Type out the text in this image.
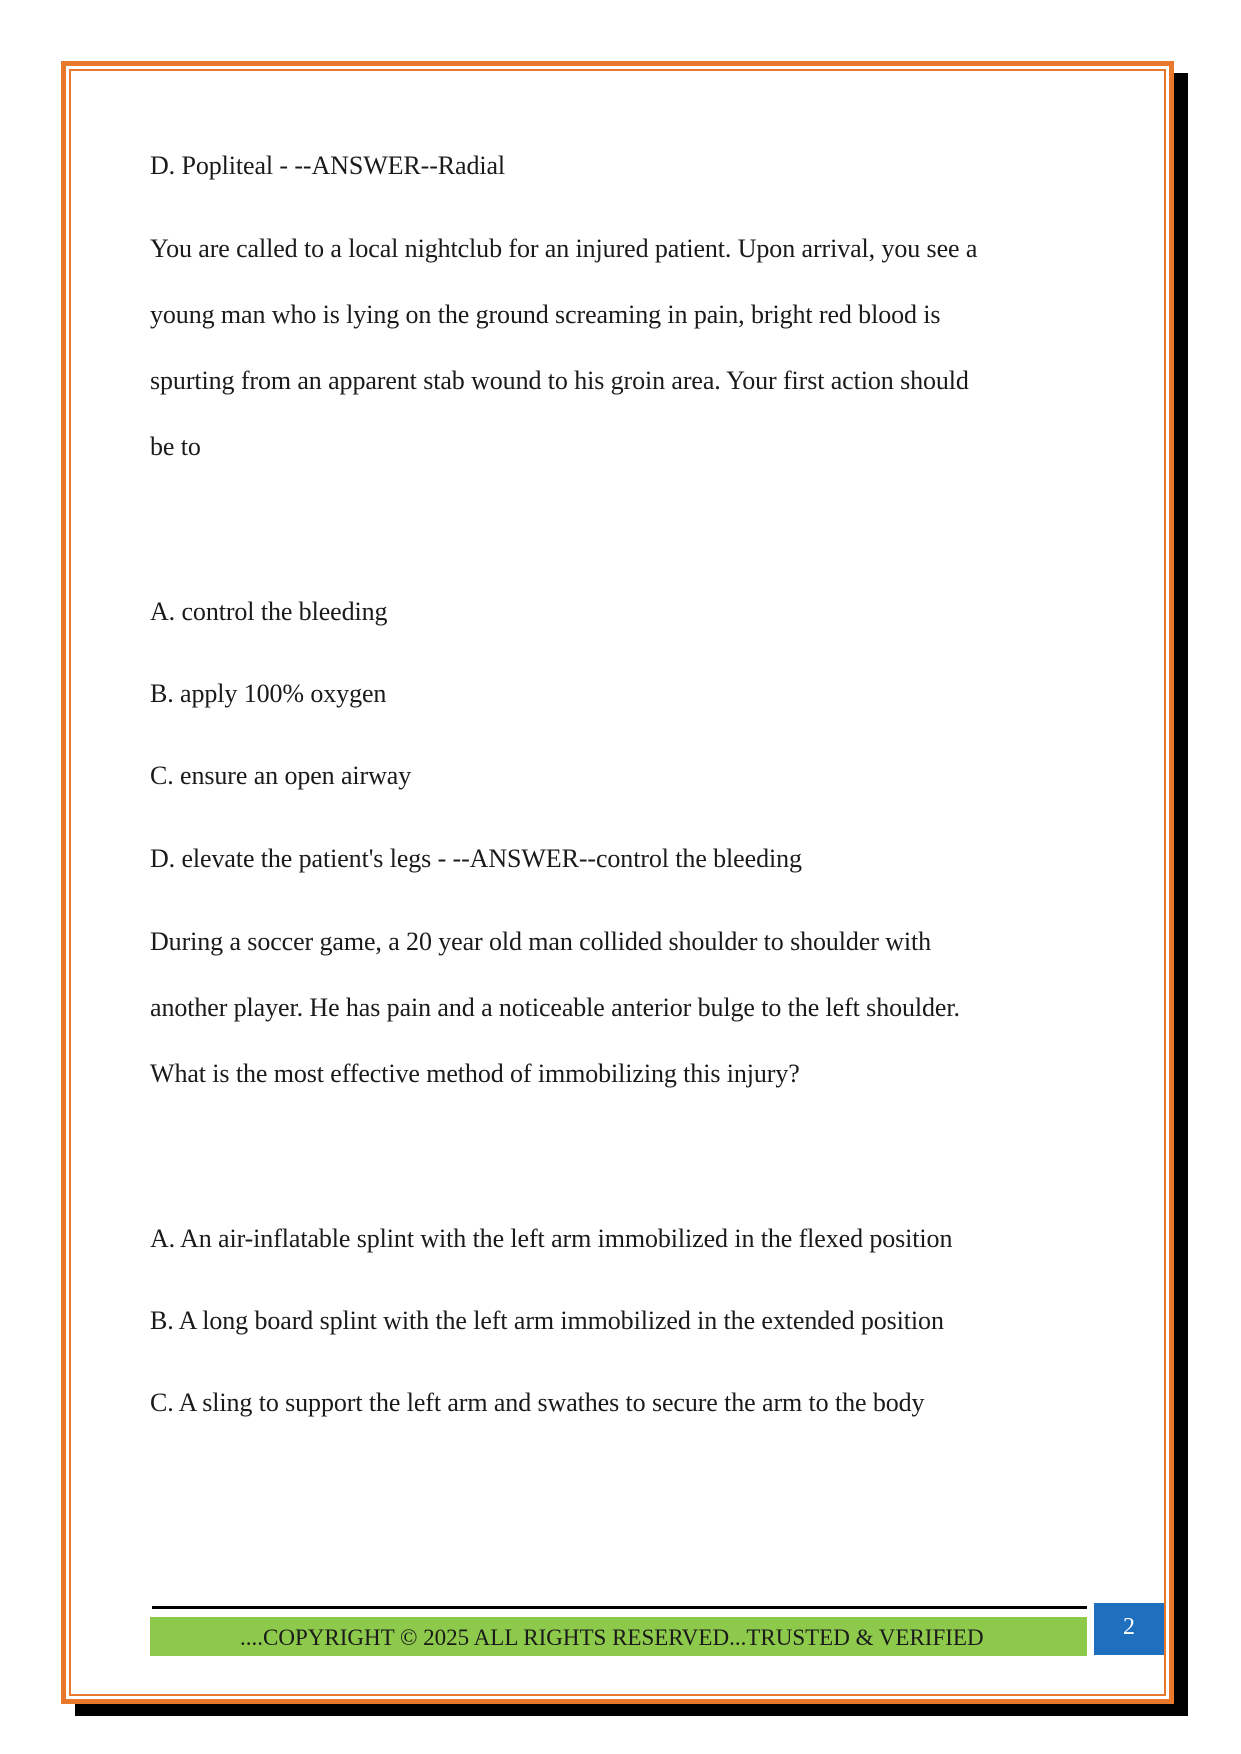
D. Popliteal - --ANSWER--Radial
You are called to a local nightclub for an injured patient. Upon arrival, you see a
young man who is lying on the ground screaming in pain, bright red blood is
spurting from an apparent stab wound to his groin area. Your first action should
be to
A. control the bleeding
B. apply 100% oxygen
C. ensure an open airway
D. elevate the patient's legs - --ANSWER--control the bleeding
During a soccer game, a 20 year old man collided shoulder to shoulder with
another player. He has pain and a noticeable anterior bulge to the left shoulder.
What is the most effective method of immobilizing this injury?
A. An air-inflatable splint with the left arm immobilized in the flexed position
B. A long board splint with the left arm immobilized in the extended position
C. A sling to support the left arm and swathes to secure the arm to the body
....COPYRIGHT © 2025 ALL RIGHTS RESERVED...TRUSTED & VERIFIED	2
